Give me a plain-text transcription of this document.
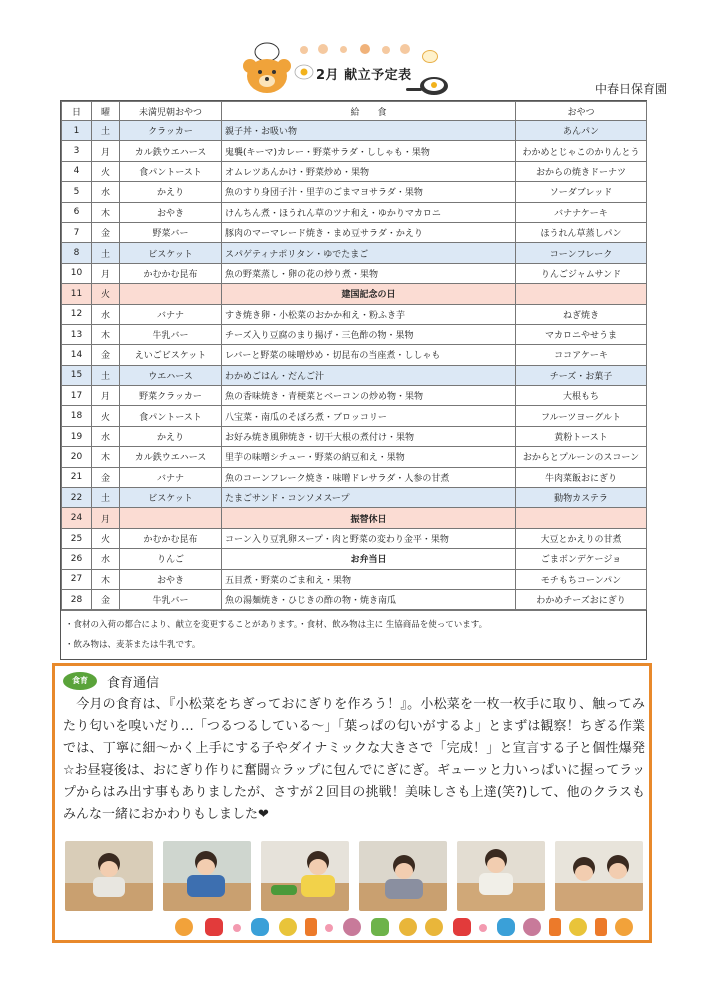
2月 献立予定表
中春日保育園
日	曜	未満児朝おやつ	給　　食	おやつ
1	土	クラッカー	親子丼・お吸い物	あんパン
3	月	カル鉄ウエハース	鬼襲(キーマ)カレー・野菜サラダ・ししゃも・果物	わかめとじゃこのかりんとう
4	火	食パントースト	オムレツあんかけ・野菜炒め・果物	おからの焼きドーナツ
5	水	かえり	魚のすり身団子汁・里芋のごまマヨサラダ・果物	ソーダブレッド
6	木	おやき	けんちん煮・ほうれん草のツナ和え・ゆかりマカロニ	バナナケーキ
7	金	野菜バー	豚肉のマーマレード焼き・まめ豆サラダ・かえり	ほうれん草蒸しパン
8	土	ビスケット	スパゲティナポリタン・ゆでたまご	コーンフレーク
10	月	かむかむ昆布	魚の野菜蒸し・卵の花の炒り煮・果物	りんごジャムサンド
11	火		建国記念の日	
12	水	バナナ	すき焼き卵・小松菜のおかか和え・粉ふき芋	ねぎ焼き
13	木	牛乳バー	チーズ入り豆腐のまり揚げ・三色酢の物・果物	マカロニやせうま
14	金	えいごビスケット	レバーと野菜の味噌炒め・切昆布の当座煮・ししゃも	ココアケーキ
15	土	ウエハース	わかめごはん・だんご汁	チーズ・お菓子
17	月	野菜クラッカー	魚の香味焼き・青梗菜とベーコンの炒め物・果物	大根もち
18	火	食パントースト	八宝菜・南瓜のそぼろ煮・ブロッコリー	フルーツヨーグルト
19	水	かえり	お好み焼き風卵焼き・切干大根の煮付け・果物	黄粉トースト
20	木	カル鉄ウエハース	里芋の味噌シチュー・野菜の納豆和え・果物	おからとプルーンのスコーン
21	金	バナナ	魚のコーンフレーク焼き・味噌ドレサラダ・人参の甘煮	牛肉菜飯おにぎり
22	土	ビスケット	たまごサンド・コンソメスープ	動物カステラ
24	月		振替休日	
25	火	かむかむ昆布	コーン入り豆乳卵スープ・肉と野菜の変わり金平・果物	大豆とかえりの甘煮
26	水	りんご	お弁当日	ごまボンデケージョ
27	木	おやき	五目煮・野菜のごま和え・果物	モチもちコーンパン
28	金	牛乳バー	魚の湯麺焼き・ひじきの酢の物・焼き南瓜	わかめチーズおにぎり
・食材の入荷の都合により、献立を変更することがあります。・食材、飲み物は主に 生協商品を使っています。
・飲み物は、麦茶または牛乳です。
食育	食育通信
　今月の食育は、『小松菜をちぎっておにぎりを作ろう！』。小松菜を一枚一枚手に取り、触ってみたり匂いを嗅いだり…「つるつるしている～」「葉っぱの匂いがするよ」とまずは観察！ちぎる作業では、丁寧に細～かく上手にする子やダイナミックな大きさで「完成！」と宣言する子と個性爆発☆お昼寝後は、おにぎり作りに奮闘☆ラップに包んでにぎにぎ。ギューッと力いっぱいに握ってラップからはみ出す事もありましたが、さすが２回目の挑戦！美味しさも上達(笑?)して、他のクラスもみんな一緒におかわりもしました❤
